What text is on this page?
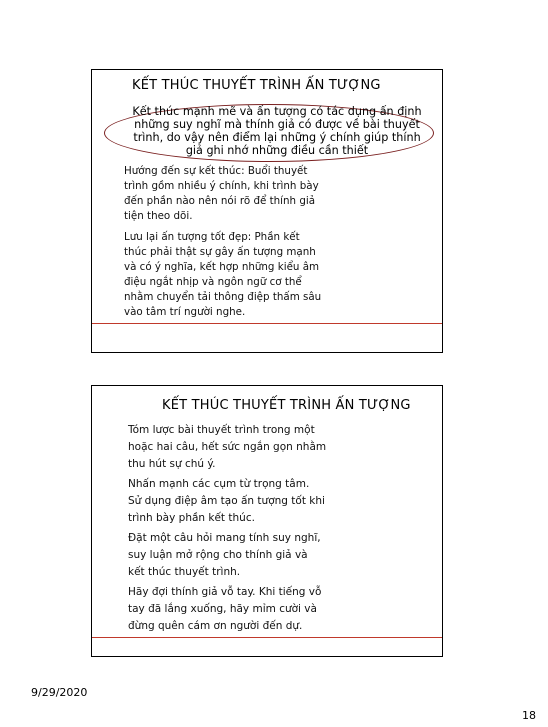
KẾT THÚC THUYẾT TRÌNH ẤN TƯỢNG
Kết thúc mạnh mẽ và ấn tượng có tác dụng ấn định
những suy nghĩ mà thính giả có được về bài thuyết
trình, do vậy nên điểm lại những ý chính giúp thính
giả ghi nhớ những điều cần thiết
Hướng đến sự kết thúc: Buổi thuyết
trình gồm nhiều ý chính, khi trình bày
đến phần nào nên nói rõ để thính giả
tiện theo dõi.
Lưu lại ấn tượng tốt đẹp: Phần kết
thúc phải thật sự gây ấn tượng mạnh
và có ý nghĩa, kết hợp những kiểu âm
điệu ngắt nhịp và ngôn ngữ cơ thể
nhằm chuyển tải thông điệp thấm sâu
vào tâm trí người nghe.
KẾT THÚC THUYẾT TRÌNH ẤN TƯỢNG
Tóm lược bài thuyết trình trong một
hoặc hai câu, hết sức ngắn gọn nhằm
thu hút sự chú ý.
Nhấn mạnh các cụm từ trọng tâm.
Sử dụng điệp âm tạo ấn tượng tốt khi
trình bày phần kết thúc.
Đặt một câu hỏi mang tính suy nghĩ,
suy luận mở rộng cho thính giả và
kết thúc thuyết trình.
Hãy đợi thính giả vỗ tay. Khi tiếng vỗ
tay đã lắng xuống, hãy mỉm cười và
đừng quên cám ơn người đến dự.
9/29/2020
18
